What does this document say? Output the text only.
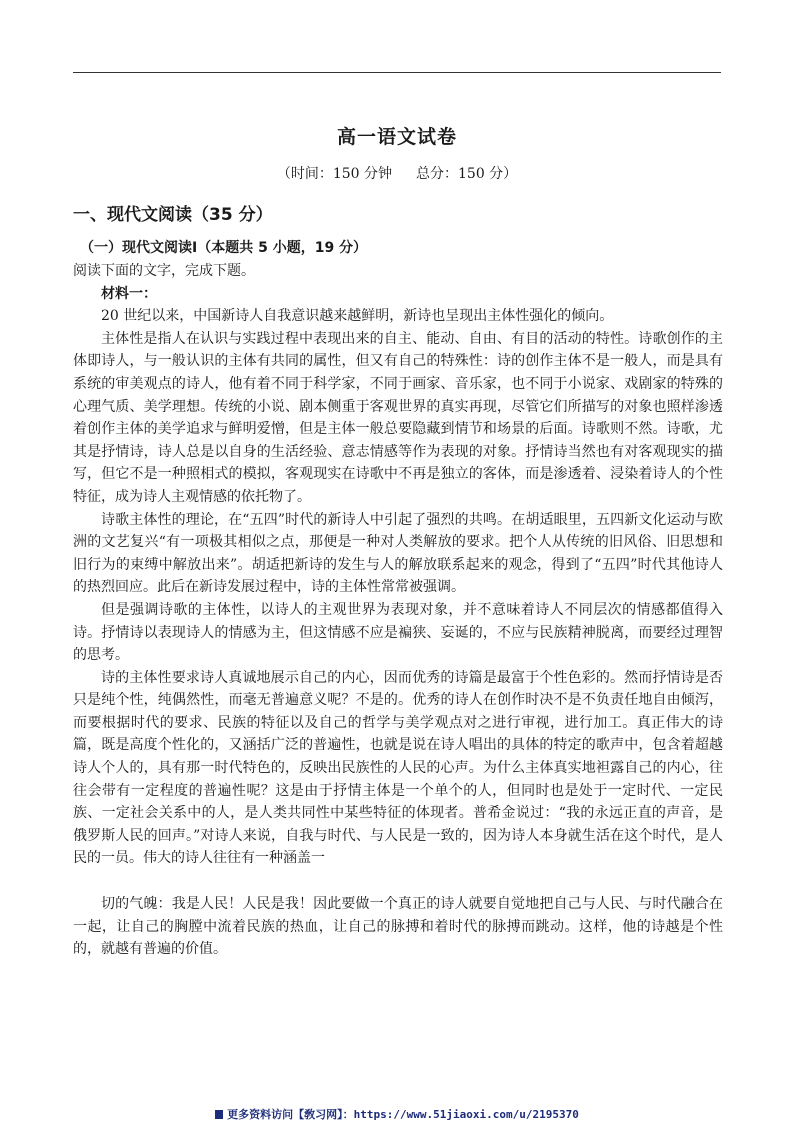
高一语文试卷
（时间：150 分钟 总分：150 分）
一、现代文阅读（35 分）
（一）现代文阅读Ⅰ（本题共 5 小题，19 分）

阅读下面的文字，完成下题。

材料一：

20 世纪以来，中国新诗人自我意识越来越鲜明，新诗也呈现出主体性强化的倾向。

主体性是指人在认识与实践过程中表现出来的自主、能动、自由、有目的活动的特性。诗歌创作的主体即诗人，与一般认识的主体有共同的属性，但又有自己的特殊性：诗的创作主体不是一般人，而是具有系统的审美观点的诗人，他有着不同于科学家，不同于画家、音乐家，也不同于小说家、戏剧家的特殊的心理气质、美学理想。传统的小说、剧本侧重于客观世界的真实再现，尽管它们所描写的对象也照样渗透着创作主体的美学追求与鲜明爱憎，但是主体一般总要隐藏到情节和场景的后面。诗歌则不然。诗歌，尤其是抒情诗，诗人总是以自身的生活经验、意志情感等作为表现的对象。抒情诗当然也有对客观现实的描写，但它不是一种照相式的模拟，客观现实在诗歌中不再是独立的客体，而是渗透着、浸染着诗人的个性特征，成为诗人主观情感的依托物了。

诗歌主体性的理论，在“五四”时代的新诗人中引起了强烈的共鸣。在胡适眼里，五四新文化运动与欧洲的文艺复兴“有一项极其相似之点，那便是一种对人类解放的要求。把个人从传统的旧风俗、旧思想和旧行为的束缚中解放出来”。胡适把新诗的发生与人的解放联系起来的观念，得到了“五四”时代其他诗人的热烈回应。此后在新诗发展过程中，诗的主体性常常被强调。

但是强调诗歌的主体性，以诗人的主观世界为表现对象，并不意味着诗人不同层次的情感都值得入诗。抒情诗以表现诗人的情感为主，但这情感不应是褊狭、妄诞的，不应与民族精神脱离，而要经过理智的思考。

诗的主体性要求诗人真诚地展示自己的内心，因而优秀的诗篇是最富于个性色彩的。然而抒情诗是否只是纯个性，纯偶然性，而毫无普遍意义呢？不是的。优秀的诗人在创作时决不是不负责任地自由倾泻，而要根据时代的要求、民族的特征以及自己的哲学与美学观点对之进行审视，进行加工。真正伟大的诗篇，既是高度个性化的，又涵括广泛的普遍性，也就是说在诗人唱出的具体的特定的歌声中，包含着超越诗人个人的，具有那一时代特色的，反映出民族性的人民的心声。为什么主体真实地袒露自己的内心，往往会带有一定程度的普遍性呢？这是由于抒情主体是一个单个的人，但同时也是处于一定时代、一定民族、一定社会关系中的人，是人类共同性中某些特征的体现者。普希金说过：“我的永远正直的声音，是俄罗斯人民的回声。”对诗人来说，自我与时代、与人民是一致的，因为诗人本身就生活在这个时代，是人民的一员。伟大的诗人往往有一种涵盖一

切的气魄：我是人民！人民是我！因此要做一个真正的诗人就要自觉地把自己与人民、与时代融合在一起，让自己的胸膛中流着民族的热血，让自己的脉搏和着时代的脉搏而跳动。这样，他的诗越是个性的，就越有普遍的价值。

更多资料访问【敎习网】：https://www.51jiaoxi.com/u/2195370
